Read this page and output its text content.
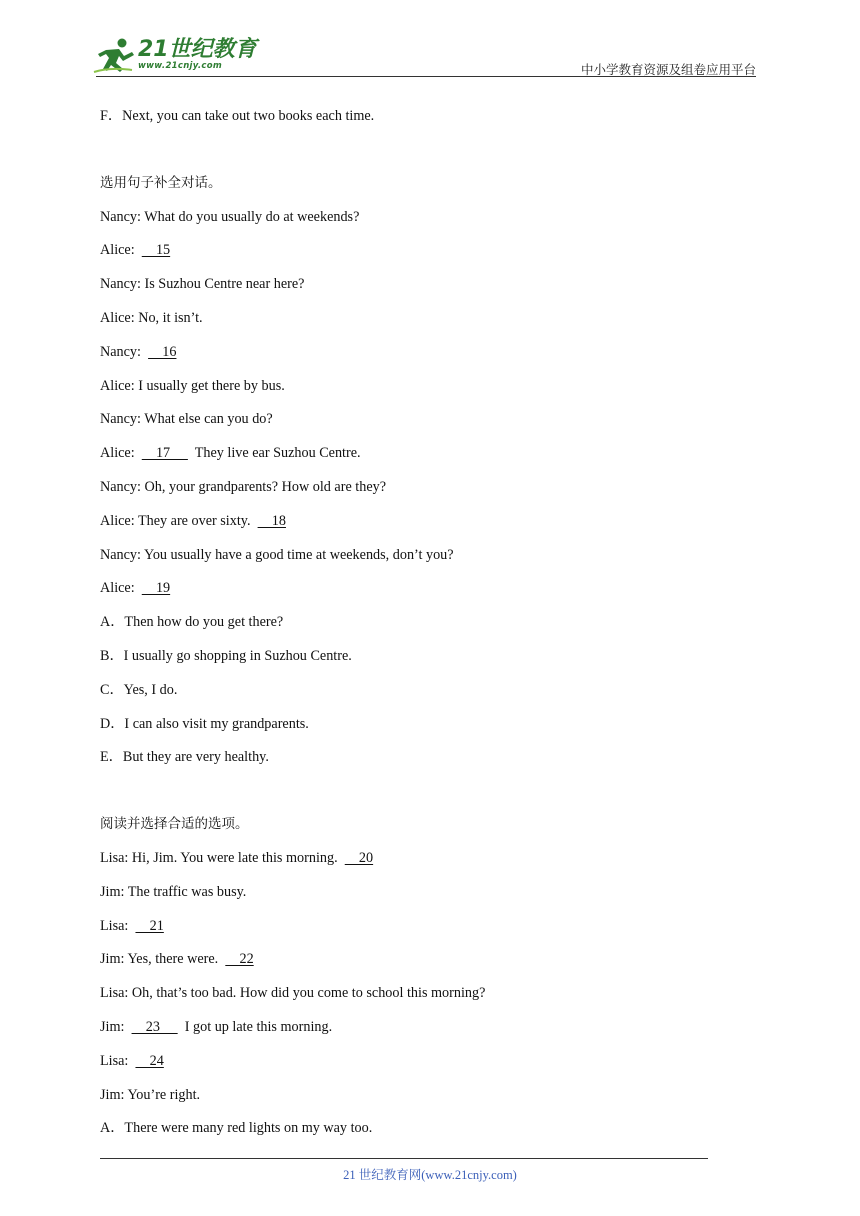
21世纪教育
www.21cnjy.com	中小学教育资源及组卷应用平台
F．Next, you can take out two books each time.
选用句子补全对话。
Nancy: What do you usually do at weekends?
Alice:      15
Nancy: Is Suzhou Centre near here?
Alice: No, it isn’t.
Nancy:      16
Alice: I usually get there by bus.
Nancy: What else can you do?
Alice:      17       They live ear Suzhou Centre.
Nancy: Oh, your grandparents? How old are they?
Alice: They are over sixty.      18
Nancy: You usually have a good time at weekends, don’t you?
Alice:      19
A．Then how do you get there?
B．I usually go shopping in Suzhou Centre.
C．Yes, I do.
D．I can also visit my grandparents.
E．But they are very healthy.
阅读并选择合适的选项。
Lisa: Hi, Jim. You were late this morning.      20
Jim: The traffic was busy.
Lisa:      21
Jim: Yes, there were.      22
Lisa: Oh, that’s too bad. How did you come to school this morning?
Jim:      23       I got up late this morning.
Lisa:      24
Jim: You’re right.
A．There were many red lights on my way too.
21 世纪教育网(www.21cnjy.com)
